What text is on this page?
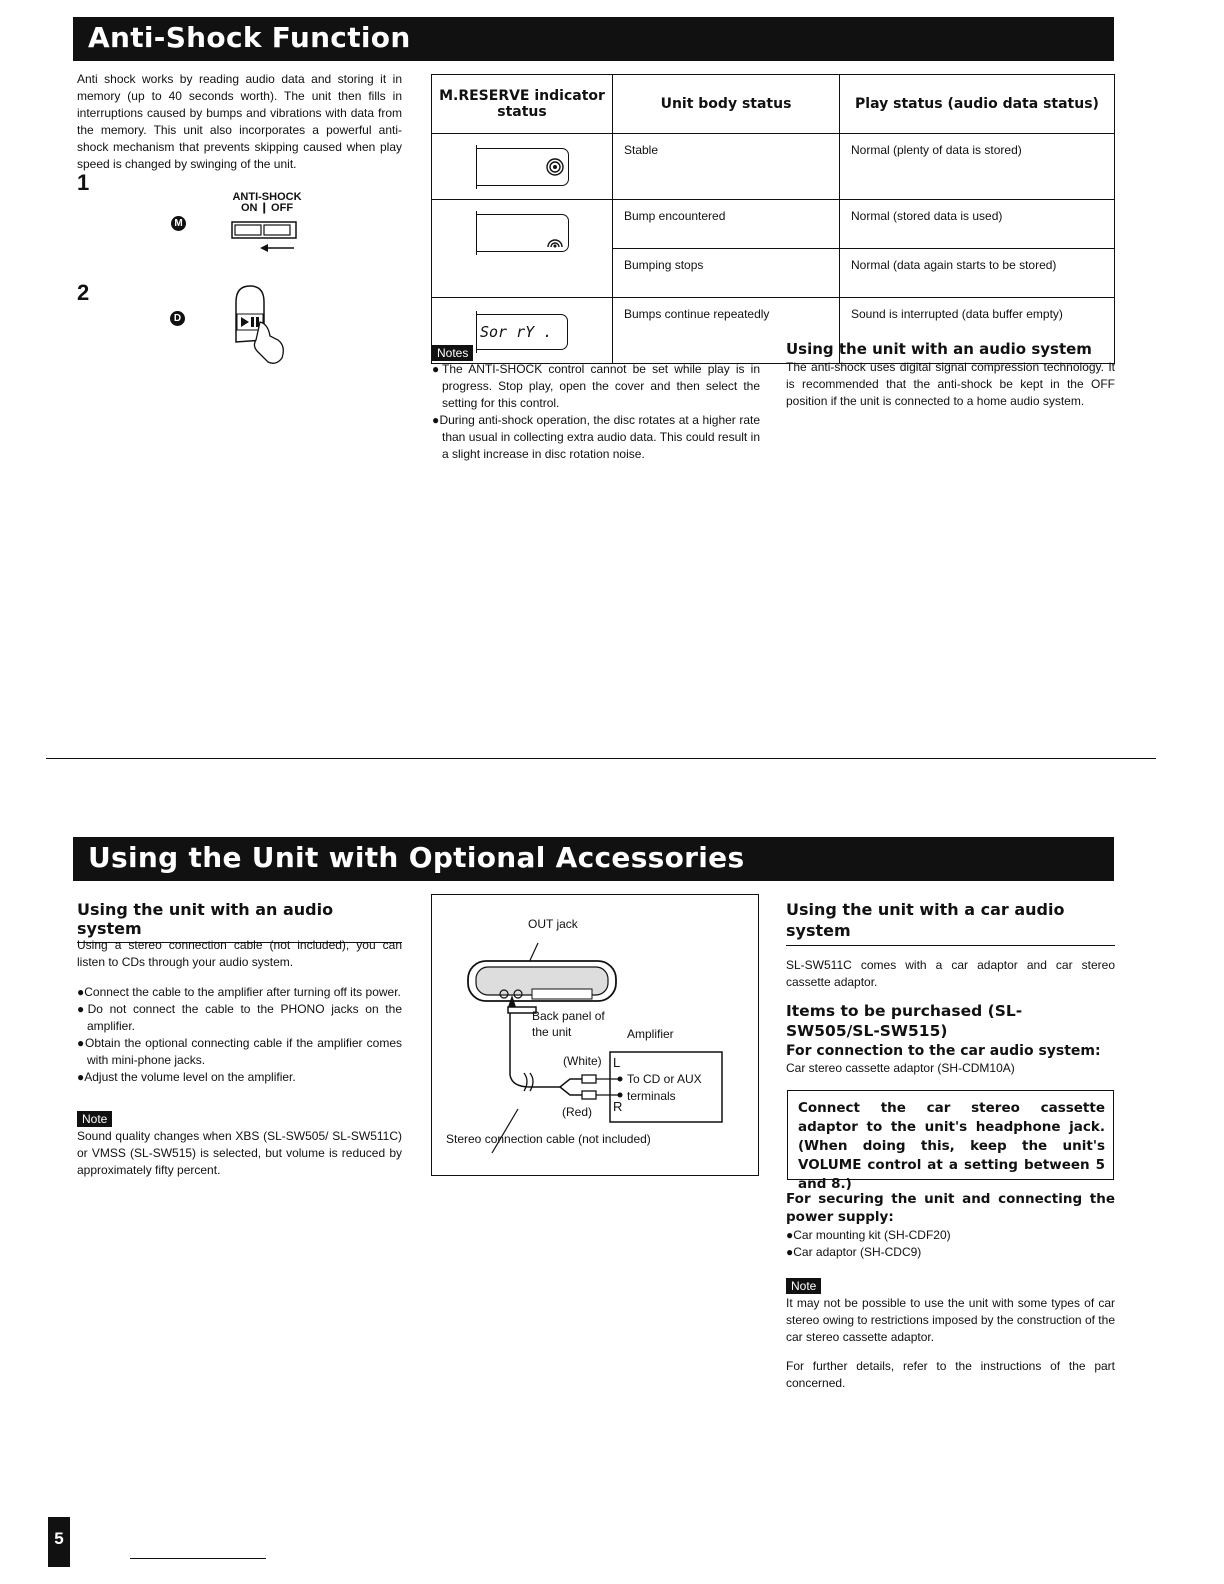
Anti-Shock Function
Anti shock works by reading audio data and storing it in memory (up to 40 seconds worth). The unit then fills in interruptions caused by bumps and vibrations with data from the memory. This unit also incorporates a powerful anti-shock mechanism that prevents skipping caused when play speed is changed by swinging of the unit.
1
M
ANTI-SHOCK
ON ❙ OFF
2
D
M.RESERVE indicator status	Unit body status	Play status (audio data status)

	Stable	Normal (plenty of data is stored)

	Bump encountered	Normal (stored data is used)
	Bumping stops	Normal (data again starts to be stored)

Sor rY .	Bumps continue repeatedly	Sound is interrupted (data buffer empty)
Notes
●The ANTI-SHOCK control cannot be set while play is in progress. Stop play, open the cover and then select the setting for this control.
●During anti-shock operation, the disc rotates at a higher rate than usual in collecting extra audio data. This could result in a slight increase in disc rotation noise.
Using the unit with an audio system
The anti-shock uses digital signal compression technology. It is recommended that the anti-shock be kept in the OFF position if the unit is connected to a home audio system.
Using the Unit with Optional Accessories
Using the unit with an audio system
Using a stereo connection cable (not included), you can listen to CDs through your audio system.
●Connect the cable to the amplifier after turning off its power.
●Do not connect the cable to the PHONO jacks on the amplifier.
●Obtain the optional connecting cable if the amplifier comes with mini-phone jacks.
●Adjust the volume level on the amplifier.
Note
Sound quality changes when XBS (SL-SW505/ SL-SW511C) or VMSS (SL-SW515) is selected, but volume is reduced by approximately fifty percent.
OUT jack
Back panel of the unit	Amplifier
(White)
(Red)
L
R
To CD or AUX
terminals
Stereo connection cable (not included)
Using the unit with a car audio system
SL-SW511C comes with a car adaptor and car stereo cassette adaptor.
Items to be purchased (SL-SW505/SL-SW515)
For connection to the car audio system:
Car stereo cassette adaptor (SH-CDM10A)
Connect the car stereo cassette adaptor to the unit's headphone jack. (When doing this, keep the unit's VOLUME control at a setting between 5 and 8.)
For securing the unit and connecting the power supply:
●Car mounting kit (SH-CDF20)
●Car adaptor (SH-CDC9)
Note
It may not be possible to use the unit with some types of car stereo owing to restrictions imposed by the construction of the car stereo cassette adaptor.
For further details, refer to the instructions of the part concerned.
5
